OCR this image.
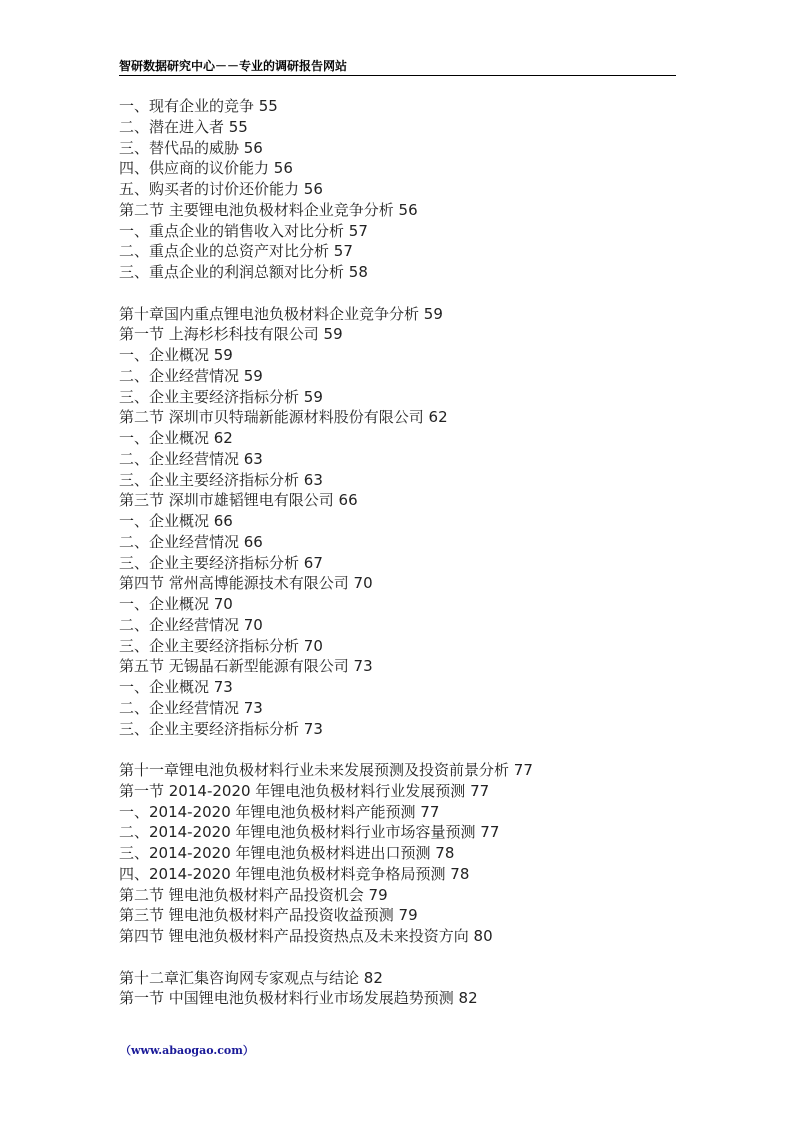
智研数据研究中心－－专业的调研报告网站
一、现有企业的竞争 55
二、潜在进入者 55
三、替代品的威胁 56
四、供应商的议价能力 56
五、购买者的讨价还价能力 56
第二节 主要锂电池负极材料企业竞争分析 56
一、重点企业的销售收入对比分析 57
二、重点企业的总资产对比分析 57
三、重点企业的利润总额对比分析 58
第十章国内重点锂电池负极材料企业竞争分析 59
第一节 上海杉杉科技有限公司 59
一、企业概况 59
二、企业经营情况 59
三、企业主要经济指标分析 59
第二节 深圳市贝特瑞新能源材料股份有限公司 62
一、企业概况 62
二、企业经营情况 63
三、企业主要经济指标分析 63
第三节 深圳市雄韬锂电有限公司 66
一、企业概况 66
二、企业经营情况 66
三、企业主要经济指标分析 67
第四节 常州高博能源技术有限公司 70
一、企业概况 70
二、企业经营情况 70
三、企业主要经济指标分析 70
第五节 无锡晶石新型能源有限公司 73
一、企业概况 73
二、企业经营情况 73
三、企业主要经济指标分析 73
第十一章锂电池负极材料行业未来发展预测及投资前景分析 77
第一节 2014-2020 年锂电池负极材料行业发展预测 77
一、2014-2020 年锂电池负极材料产能预测 77
二、2014-2020 年锂电池负极材料行业市场容量预测 77
三、2014-2020 年锂电池负极材料进出口预测 78
四、2014-2020 年锂电池负极材料竞争格局预测 78
第二节 锂电池负极材料产品投资机会 79
第三节 锂电池负极材料产品投资收益预测 79
第四节 锂电池负极材料产品投资热点及未来投资方向 80
第十二章汇集咨询网专家观点与结论 82
第一节 中国锂电池负极材料行业市场发展趋势预测 82
（www.abaogao.com）
